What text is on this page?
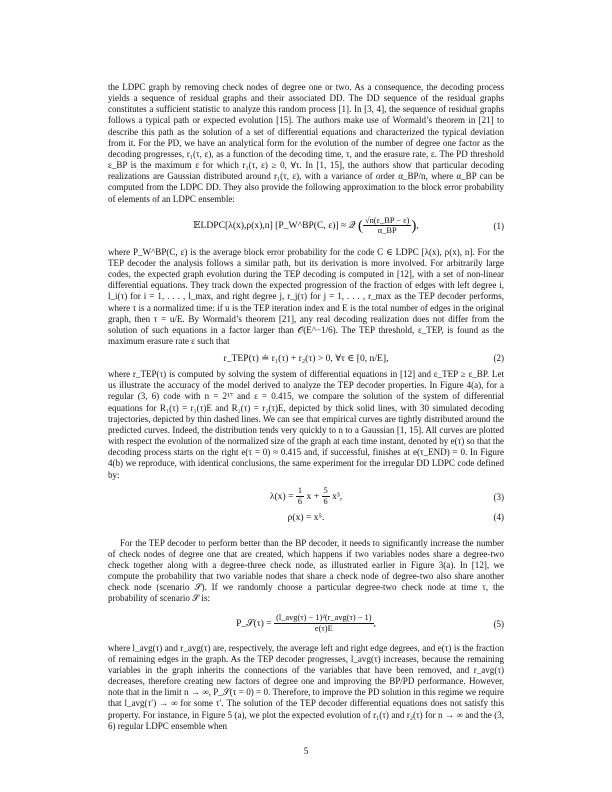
the LDPC graph by removing check nodes of degree one or two. As a consequence, the decoding process yields a sequence of residual graphs and their associated DD. The DD sequence of the residual graphs constitutes a sufficient statistic to analyze this random process [1]. In [3, 4], the sequence of residual graphs follows a typical path or expected evolution [15]. The authors make use of Wormald’s theorem in [21] to describe this path as the solution of a set of differential equations and characterized the typical deviation from it. For the PD, we have an analytical form for the evolution of the number of degree one factor as the decoding progresses, r₁(τ, ε), as a function of the decoding time, τ, and the erasure rate, ε. The PD threshold ε_BP is the maximum ε for which r₁(τ, ε) ≥ 0, ∀τ. In [1, 15], the authors show that particular decoding realizations are Gaussian distributed around r₁(τ, ε), with a variance of order α_BP/n, where α_BP can be computed from the LDPC DD. They also provide the following approximation to the block error probability of elements of an LDPC ensemble:

𝔼LDPC[λ(x),ρ(x),n] [P_W^BP(C, ε)] ≈ 𝒬 ( $\frac{√n(\varepsilon\_BP - \varepsilon)}{\alpha\_BP}$ ),	(1)

where P_W^BP(C, ε) is the average block error probability for the code C ∈ LDPC [λ(x), ρ(x), n]. For the TEP decoder the analysis follows a similar path, but its derivation is more involved. For arbitrarily large codes, the expected graph evolution during the TEP decoding is computed in [12], with a set of non-linear differential equations. They track down the expected progression of the fraction of edges with left degree i, l_i(τ) for i = 1, . . . , l_max, and right degree j, r_j(τ) for j = 1, . . . , r_max as the TEP decoder performs, where τ is a normalized time: if u is the TEP iteration index and E is the total number of edges in the original graph, then τ = u/E. By Wormald’s theorem [21], any real decoding realization does not differ from the solution of such equations in a factor larger than 𝒪(E^−1/6). The TEP threshold, ε_TEP, is found as the maximum erasure rate ε such that

r_TEP(τ) ≐ r₁(τ) + r₂(τ) > 0, ∀τ ∈ [0, n/E],	(2)

where r_TEP(τ) is computed by solving the system of differential equations in [12] and ε_TEP ≥ ε_BP. Let us illustrate the accuracy of the model derived to analyze the TEP decoder properties. In Figure 4(a), for a regular (3, 6) code with n = 2¹⁷ and ε = 0.415, we compare the solution of the system of differential equations for R₁(τ) = r₁(τ)E and R₂(τ) = r₂(τ)E, depicted by thick solid lines, with 30 simulated decoding trajectories, depicted by thin dashed lines. We can see that empirical curves are tightly distributed around the predicted curves. Indeed, the distribution tends very quickly to n to a Gaussian [1, 15]. All curves are plotted with respect the evolution of the normalized size of the graph at each time instant, denoted by e(τ) so that the decoding process starts on the right e(τ = 0) ≈ 0.415 and, if successful, finishes at e(τ_END) = 0. In Figure 4(b) we reproduce, with identical conclusions, the same experiment for the irregular DD LDPC code defined by:

$\lambda(x) = \frac{1}{6}$ $x + \frac{5}{6} x^3$,	(3)
ρ(x) = x⁵.	(4)

For the TEP decoder to perform better than the BP decoder, it needs to significantly increase the number of check nodes of degree one that are created, which happens if two variables nodes share a degree-two check together along with a degree-three check node, as illustrated earlier in Figure 3(a). In [12], we compute the probability that two variable nodes that share a check node of degree-two also share another check node (scenario 𝒮). If we randomly choose a particular degree-two check node at time τ, the probability of scenario 𝒮 is:

P_𝒮(τ) = $\frac{\text{(l\_avg(τ) − 1)²(r\_avg(τ) − 1)}}{e(\tau)E}$ ,	(5)

where l_avg(τ) and r_avg(τ) are, respectively, the average left and right edge degrees, and e(τ) is the fraction of remaining edges in the graph. As the TEP decoder progresses, l_avg(τ) increases, because the remaining variables in the graph inherits the connections of the variables that have been removed, and r_avg(τ) decreases, therefore creating new factors of degree one and improving the BP/PD performance. However, note that in the limit n → ∞, P_𝒮(τ = 0) = 0. Therefore, to improve the PD solution in this regime we require that l_avg(τ′) → ∞ for some τ′. The solution of the TEP decoder differential equations does not satisfy this property. For instance, in Figure 5 (a), we plot the expected evolution of r₁(τ) and r₂(τ) for n → ∞ and the (3, 6) regular LDPC ensemble when

5
